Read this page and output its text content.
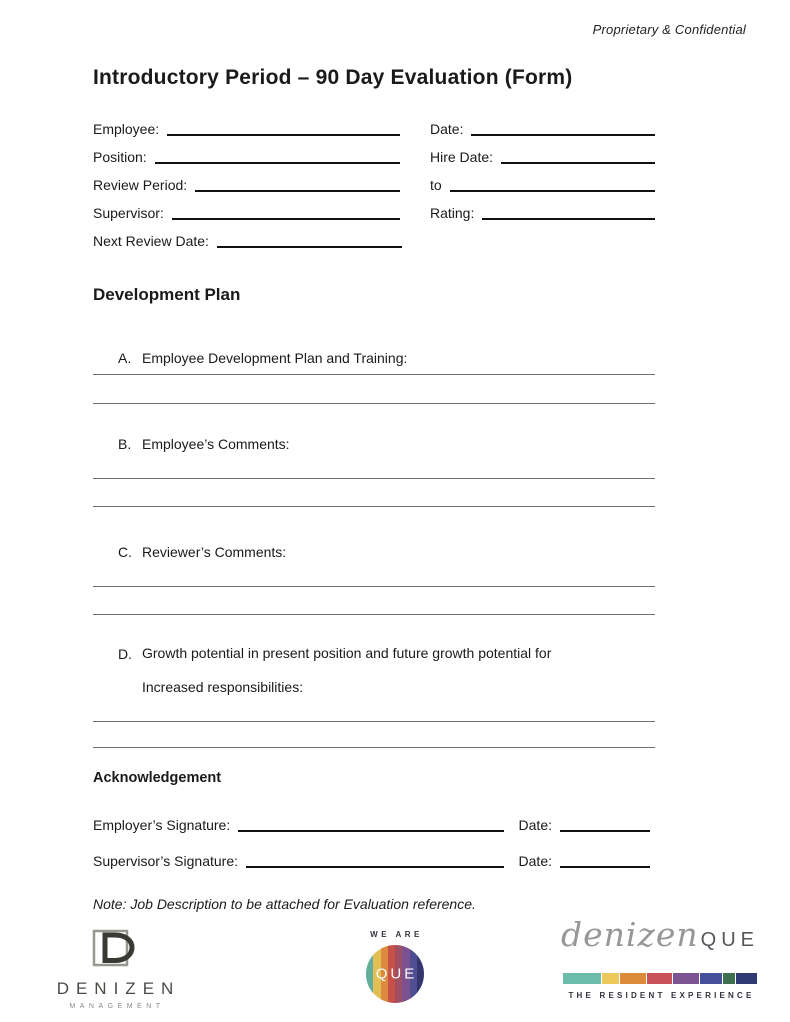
Proprietary & Confidential
Introductory Period – 90 Day Evaluation (Form)
Employee:	Date:
Position:	Hire Date:
Review Period:	to
Supervisor:	Rating:
Next Review Date:
Development Plan
A. Employee Development Plan and Training:
B. Employee’s Comments:
C. Reviewer’s Comments:
D. Growth potential in present position and future growth potential for
Increased responsibilities:
Acknowledgement
Employer’s Signature:	Date:
Supervisor’s Signature:	Date:
Note: Job Description to be attached for Evaluation reference.
DENIZEN
MANAGEMENT
WE ARE
QUE
denizen QUE
THE RESIDENT EXPERIENCE
